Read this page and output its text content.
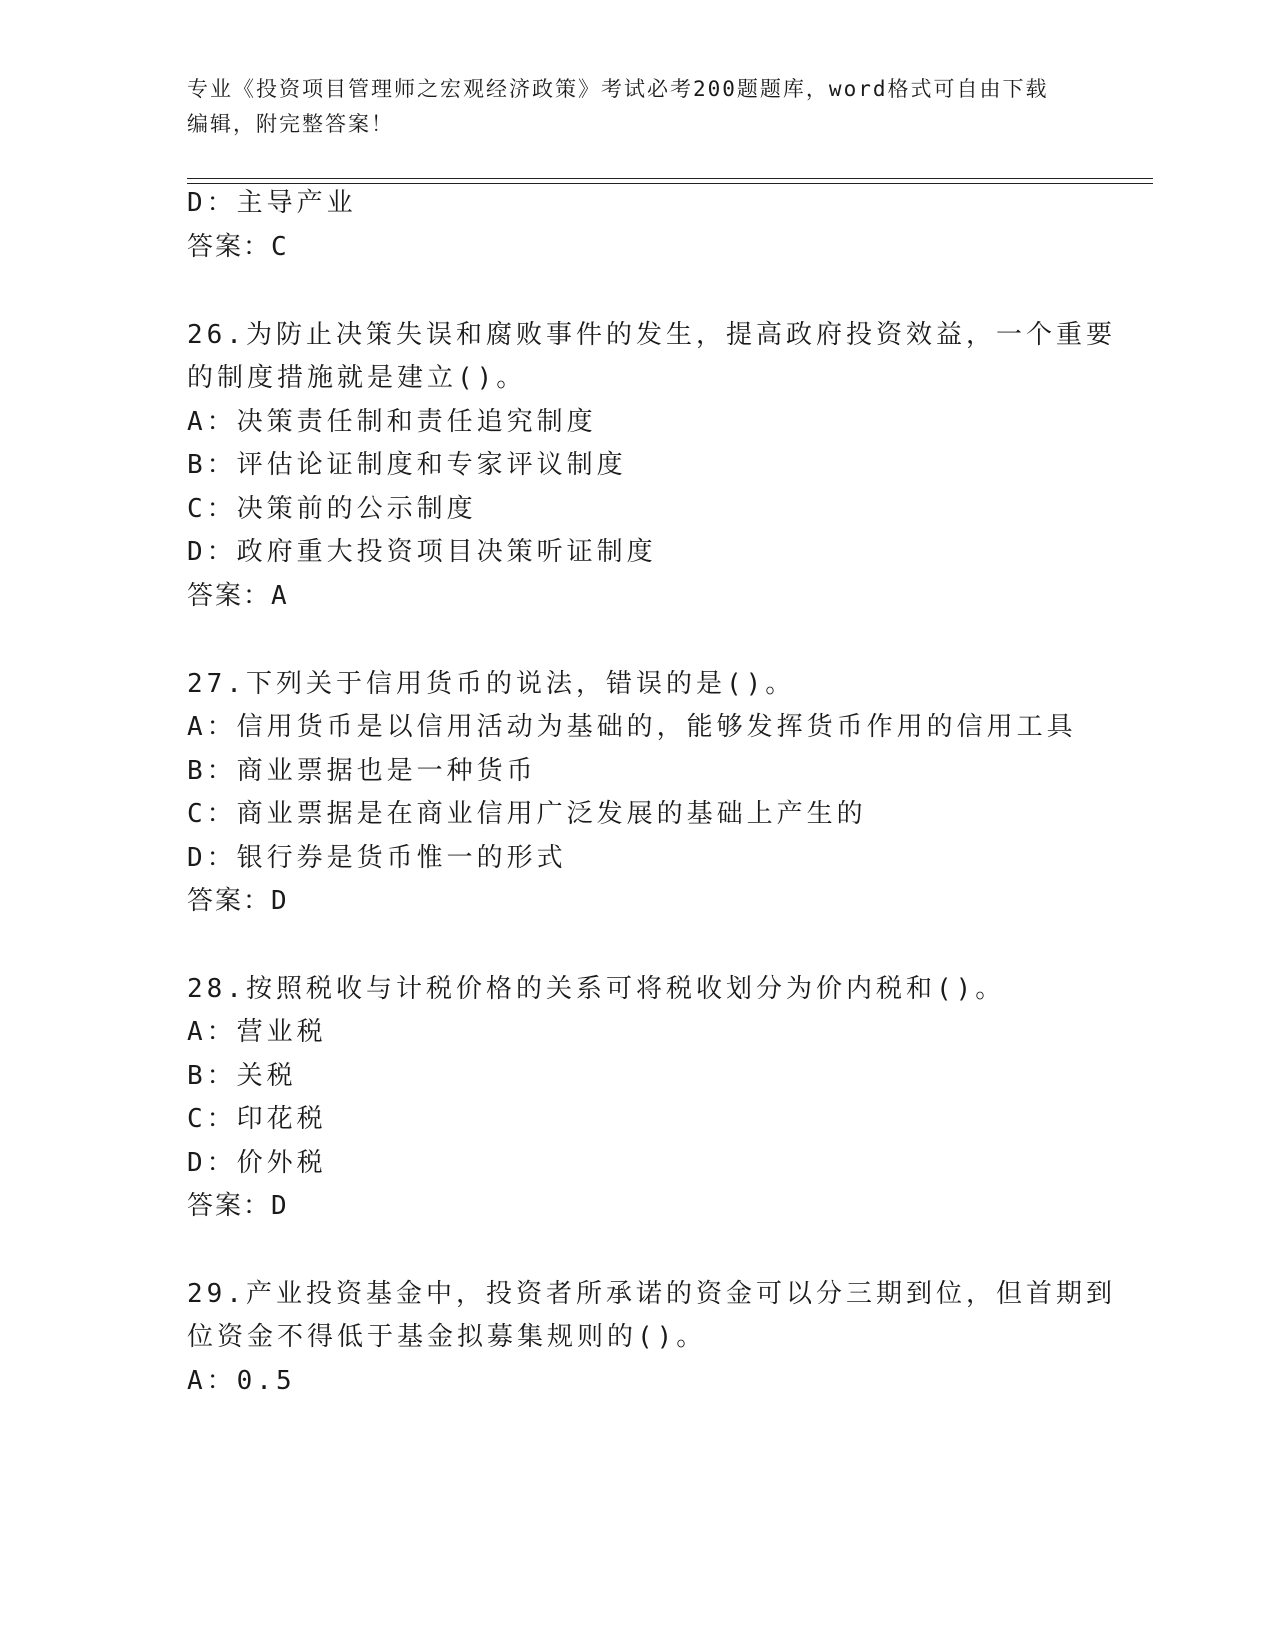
专业《投资项目管理师之宏观经济政策》考试必考200题题库，word格式可自由下载编辑，附完整答案！
D：主导产业
答案：C
26.为防止决策失误和腐败事件的发生，提高政府投资效益，一个重要
的制度措施就是建立()。
A：决策责任制和责任追究制度
B：评估论证制度和专家评议制度
C：决策前的公示制度
D：政府重大投资项目决策听证制度
答案：A
27.下列关于信用货币的说法，错误的是()。
A：信用货币是以信用活动为基础的，能够发挥货币作用的信用工具
B：商业票据也是一种货币
C：商业票据是在商业信用广泛发展的基础上产生的
D：银行券是货币惟一的形式
答案：D
28.按照税收与计税价格的关系可将税收划分为价内税和()。
A：营业税
B：关税
C：印花税
D：价外税
答案：D
29.产业投资基金中，投资者所承诺的资金可以分三期到位，但首期到
位资金不得低于基金拟募集规则的()。
A：0.5
